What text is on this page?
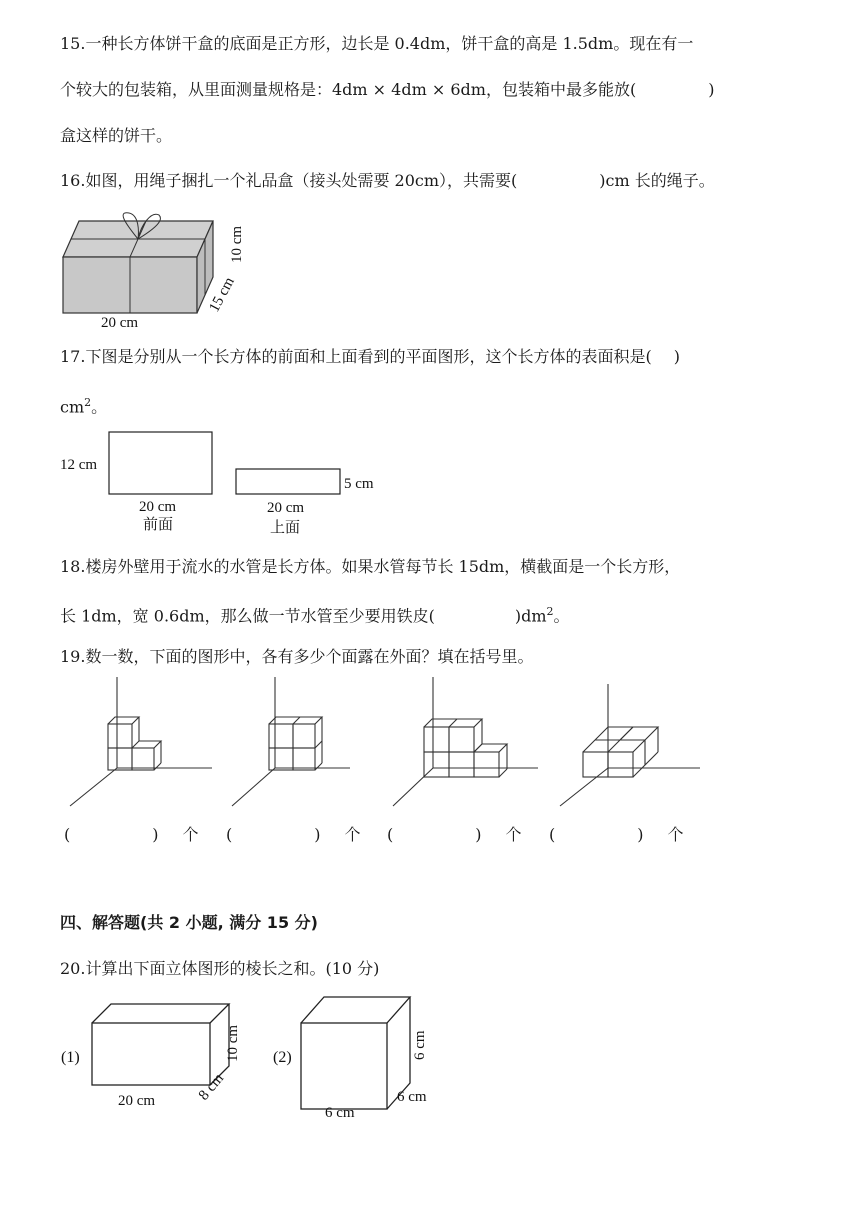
15.一种长方体饼干盒的底面是正方形，边长是 0.4dm，饼干盒的高是 1.5dm。现在有一
个较大的包装箱，从里面测量规格是：4dm × 4dm × 6dm，包装箱中最多能放(	)
盒这样的饼干。
16.如图，用绳子捆扎一个礼品盒（接头处需要 20cm），共需要(	)cm 长的绳子。
20 cm
15 cm
10 cm
17.下图是分别从一个长方体的前面和上面看到的平面图形，这个长方体的表面积是( )
$cm^2$。
12 cm
20 cm
前面
5 cm
20 cm
上面
18.楼房外壁用于流水的水管是长方体。如果水管每节长 15dm，横截面是一个长方形，
长 1dm，宽 0.6dm，那么做一节水管至少要用铁皮(	)$dm^2$。
19.数一数，下面的图形中，各有多少个面露在外面？填在括号里。
(	) 个 (	) 个 (	) 个 (	) 个
四、解答题(共 2 小题, 满分 15 分)
20.计算出下面立体图形的棱长之和。(10 分)
(1)
20 cm	8 cm
10 cm (2)
6 cm
6 cm
6 cm
